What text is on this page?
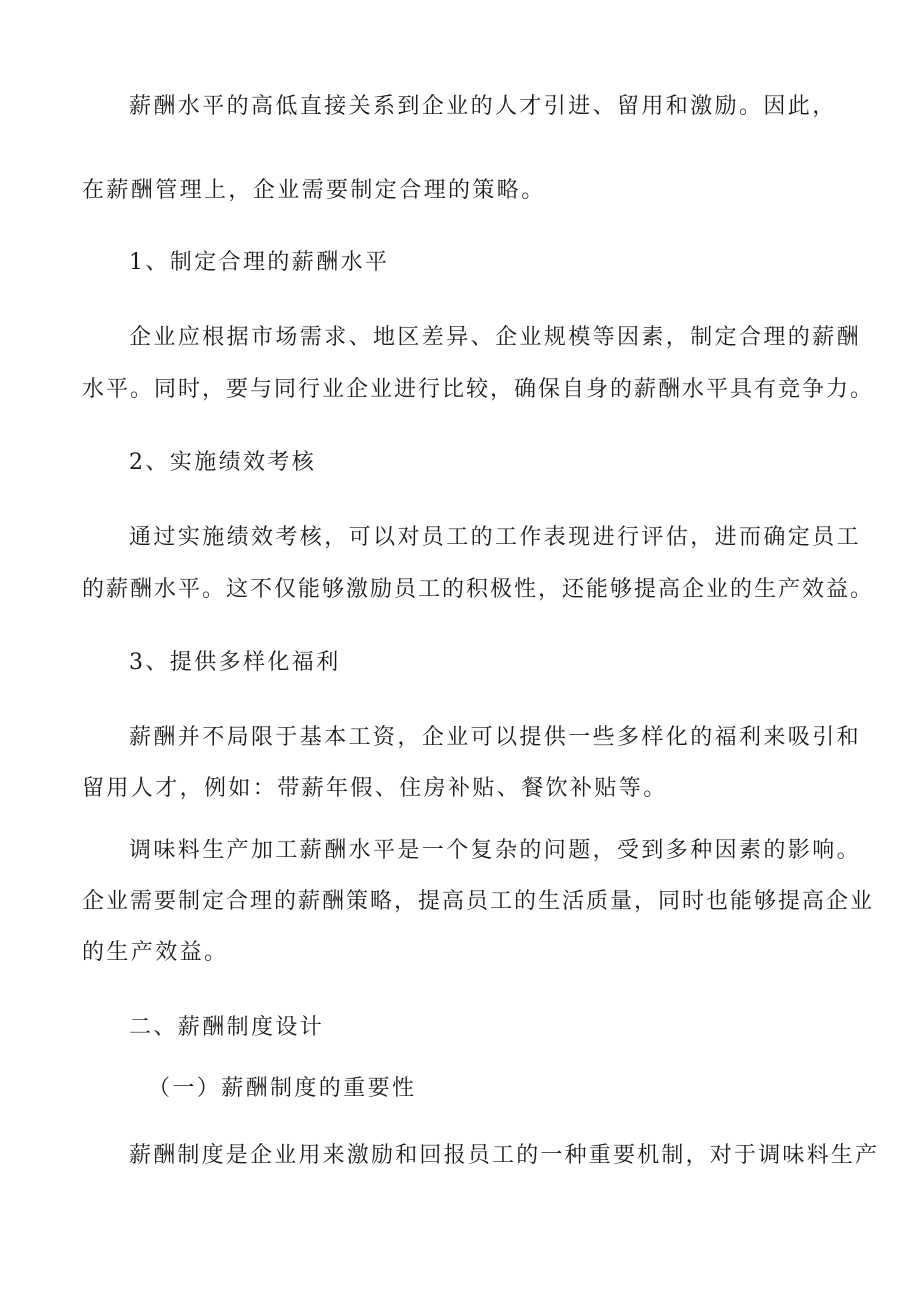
薪酬水平的高低直接关系到企业的人才引进、留用和激励。因此，
在薪酬管理上，企业需要制定合理的策略。
1、制定合理的薪酬水平
企业应根据市场需求、地区差异、企业规模等因素，制定合理的薪酬
水平。同时，要与同行业企业进行比较，确保自身的薪酬水平具有竞争力。
2、实施绩效考核
通过实施绩效考核，可以对员工的工作表现进行评估，进而确定员工
的薪酬水平。这不仅能够激励员工的积极性，还能够提高企业的生产效益。
3、提供多样化福利
薪酬并不局限于基本工资，企业可以提供一些多样化的福利来吸引和
留用人才，例如：带薪年假、住房补贴、餐饮补贴等。
调味料生产加工薪酬水平是一个复杂的问题，受到多种因素的影响。
企业需要制定合理的薪酬策略，提高员工的生活质量，同时也能够提高企业
的生产效益。
二、薪酬制度设计
（一）薪酬制度的重要性
薪酬制度是企业用来激励和回报员工的一种重要机制，对于调味料生产
